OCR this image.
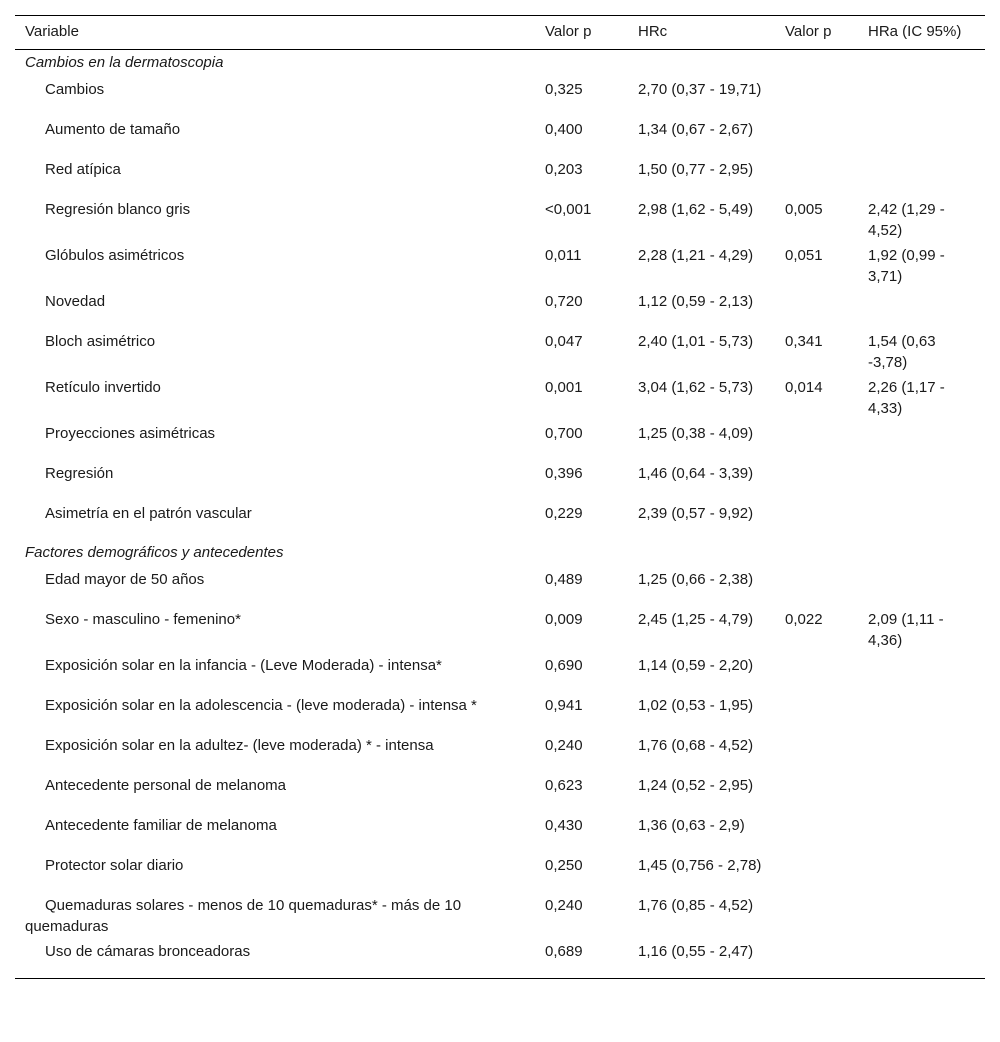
Variable	Valor p	HRc	Valor p	HRa (IC 95%)
Cambios en la dermatoscopia				
Cambios	0,325	2,70 (0,37 - 19,71)		
Aumento de tamaño	0,400	1,34 (0,67 - 2,67)		
Red atípica	0,203	1,50 (0,77 - 2,95)		
Regresión blanco gris	<0,001	2,98 (1,62 - 5,49)	0,005	2,42 (1,29 - 4,52)
Glóbulos asimétricos	0,011	2,28 (1,21 - 4,29)	0,051	1,92 (0,99 - 3,71)
Novedad	0,720	1,12 (0,59 - 2,13)		
Bloch asimétrico	0,047	2,40 (1,01 - 5,73)	0,341	1,54 (0,63 -3,78)
Retículo invertido	0,001	3,04 (1,62 - 5,73)	0,014	2,26 (1,17 - 4,33)
Proyecciones asimétricas	0,700	1,25 (0,38 - 4,09)		
Regresión	0,396	1,46 (0,64 - 3,39)		
Asimetría en el patrón vascular	0,229	2,39 (0,57 - 9,92)		
Factores demográficos y antecedentes				
Edad mayor de 50 años	0,489	1,25 (0,66 - 2,38)		
Sexo - masculino - femenino*	0,009	2,45 (1,25 - 4,79)	0,022	2,09 (1,11 - 4,36)
Exposición solar en la infancia - (Leve Moderada) - intensa*	0,690	1,14 (0,59 - 2,20)		
Exposición solar en la adolescencia - (leve moderada) - intensa *	0,941	1,02 (0,53 - 1,95)		
Exposición solar en la adultez- (leve moderada) * - intensa	0,240	1,76 (0,68 - 4,52)		
Antecedente personal de melanoma	0,623	1,24 (0,52 - 2,95)		
Antecedente familiar de melanoma	0,430	1,36 (0,63 - 2,9)		
Protector solar diario	0,250	1,45 (0,756 - 2,78)		
Quemaduras solares - menos de 10 quemaduras* - más de 10 quemaduras	0,240	1,76 (0,85 - 4,52)		
Uso de cámaras bronceadoras	0,689	1,16 (0,55 - 2,47)		
